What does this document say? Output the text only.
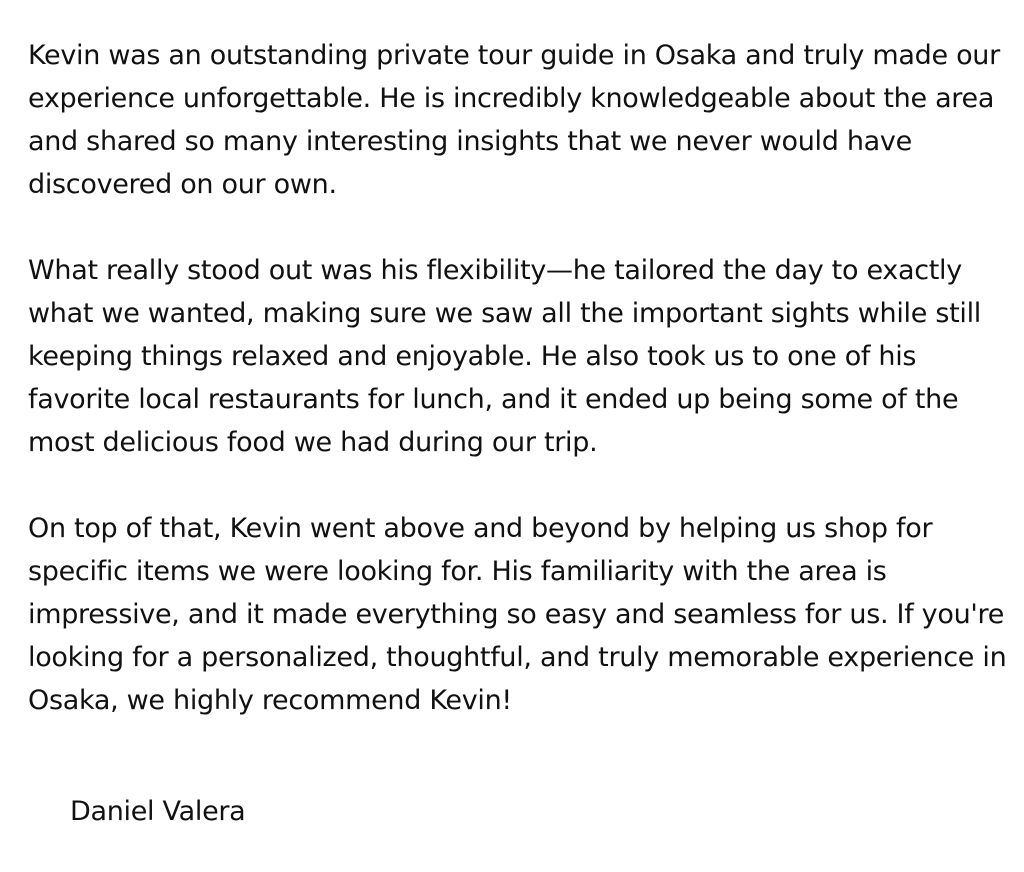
Kevin was an outstanding private tour guide in Osaka and truly made our experience unforgettable. He is incredibly knowledgeable about the area and shared so many interesting insights that we never would have discovered on our own.

What really stood out was his flexibility—he tailored the day to exactly what we wanted, making sure we saw all the important sights while still keeping things relaxed and enjoyable. He also took us to one of his favorite local restaurants for lunch, and it ended up being some of the most delicious food we had during our trip.

On top of that, Kevin went above and beyond by helping us shop for specific items we were looking for. His familiarity with the area is impressive, and it made everything so easy and seamless for us. If you're looking for a personalized, thoughtful, and truly memorable experience in Osaka, we highly recommend Kevin!

Daniel Valera
